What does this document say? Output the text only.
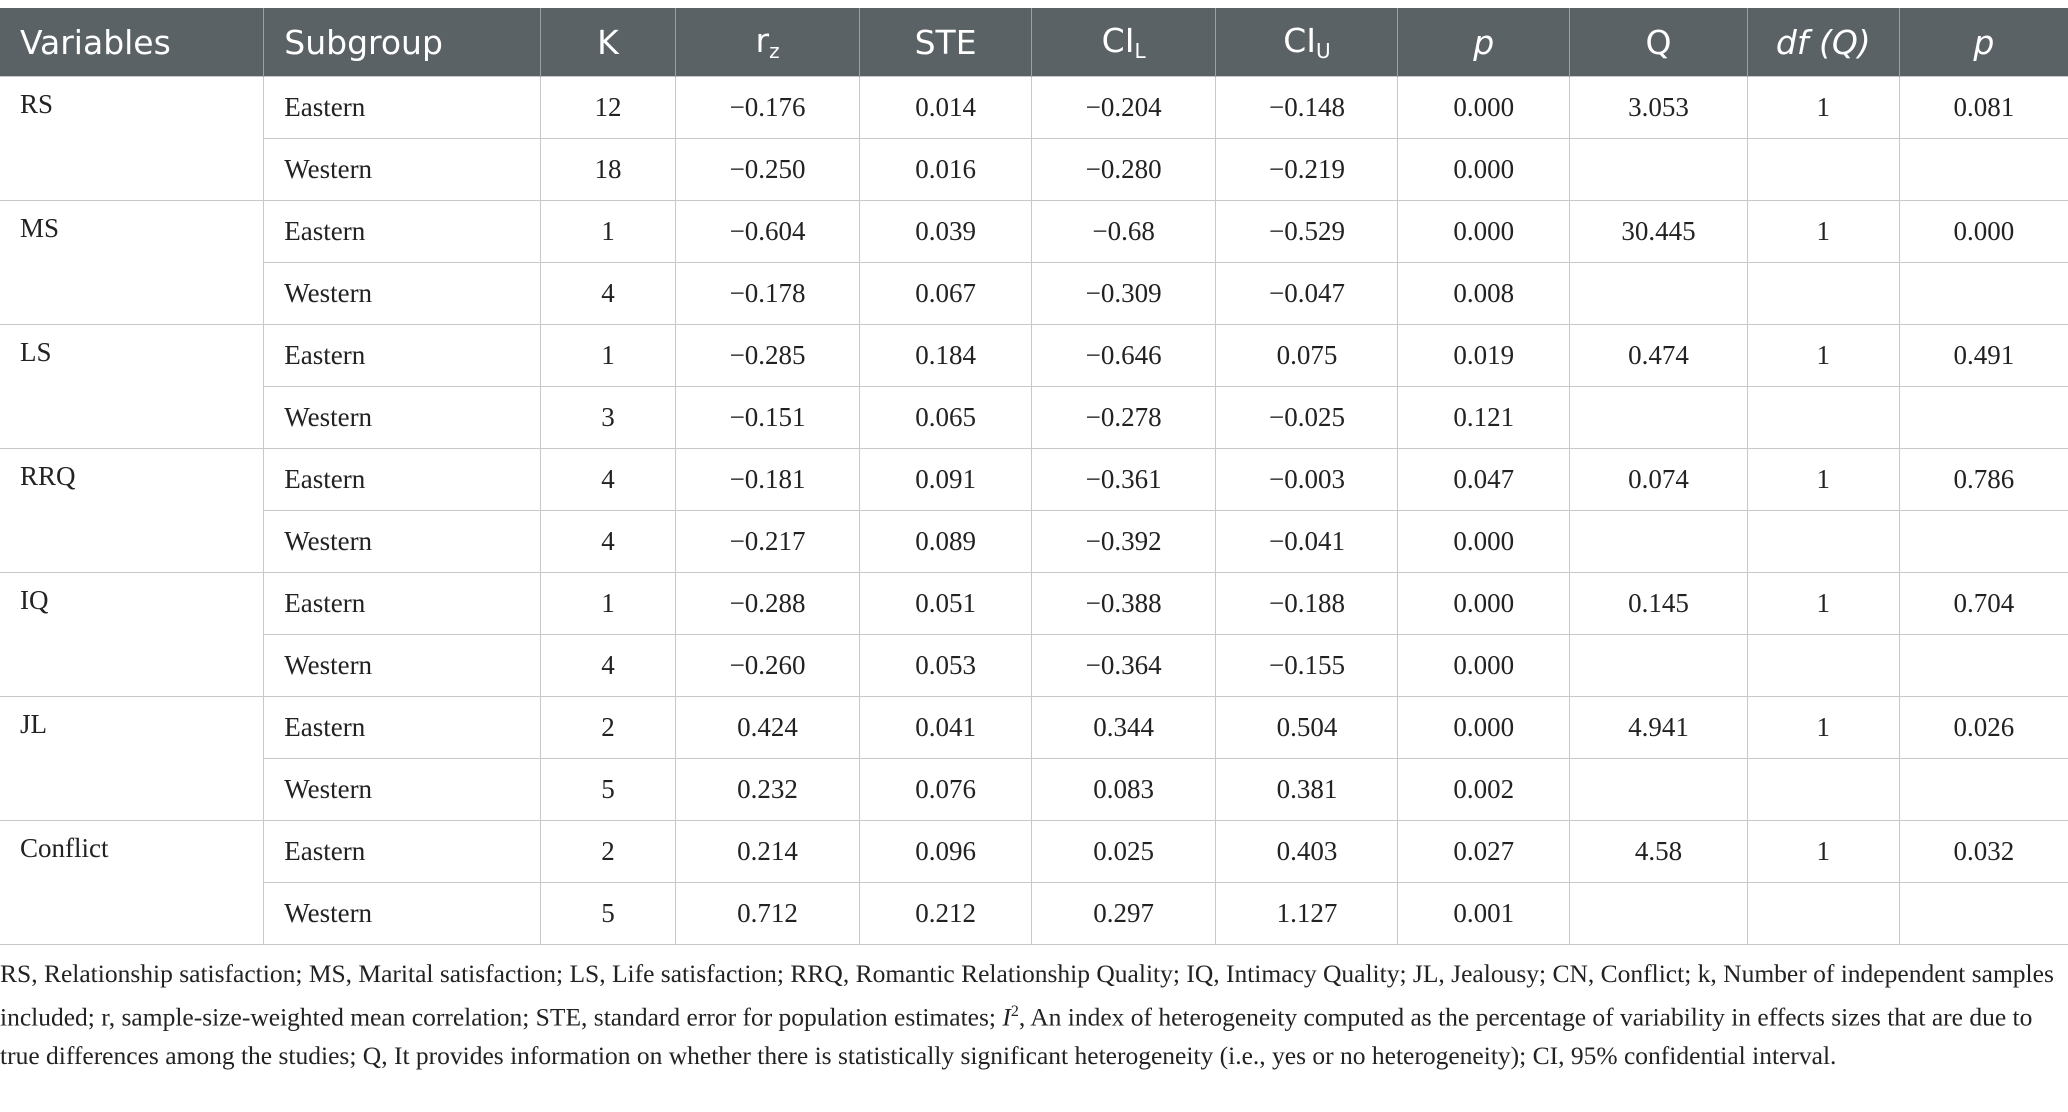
Variables	Subgroup	K	$r_z$	STE	$CI_L$	$CI_U$	p	Q	df (Q)	p
RS	Eastern	12	−0.176	0.014	−0.204	−0.148	0.000	3.053	1	0.081
	Western	18	−0.250	0.016	−0.280	−0.219	0.000			
MS	Eastern	1	−0.604	0.039	−0.68	−0.529	0.000	30.445	1	0.000
	Western	4	−0.178	0.067	−0.309	−0.047	0.008			
LS	Eastern	1	−0.285	0.184	−0.646	0.075	0.019	0.474	1	0.491
	Western	3	−0.151	0.065	−0.278	−0.025	0.121			
RRQ	Eastern	4	−0.181	0.091	−0.361	−0.003	0.047	0.074	1	0.786
	Western	4	−0.217	0.089	−0.392	−0.041	0.000			
IQ	Eastern	1	−0.288	0.051	−0.388	−0.188	0.000	0.145	1	0.704
	Western	4	−0.260	0.053	−0.364	−0.155	0.000			
JL	Eastern	2	0.424	0.041	0.344	0.504	0.000	4.941	1	0.026
	Western	5	0.232	0.076	0.083	0.381	0.002			
Conflict	Eastern	2	0.214	0.096	0.025	0.403	0.027	4.58	1	0.032
	Western	5	0.712	0.212	0.297	1.127	0.001			
RS, Relationship satisfaction; MS, Marital satisfaction; LS, Life satisfaction; RRQ, Romantic Relationship Quality; IQ, Intimacy Quality; JL, Jealousy; CN, Conflict; k, Number of independent samples included; r, sample-size-weighted mean correlation; STE, standard error for population estimates; $I^2$, An index of heterogeneity computed as the percentage of variability in effects sizes that are due to true differences among the studies; Q, It provides information on whether there is statistically significant heterogeneity (i.e., yes or no heterogeneity); CI, 95% confidential interval.
